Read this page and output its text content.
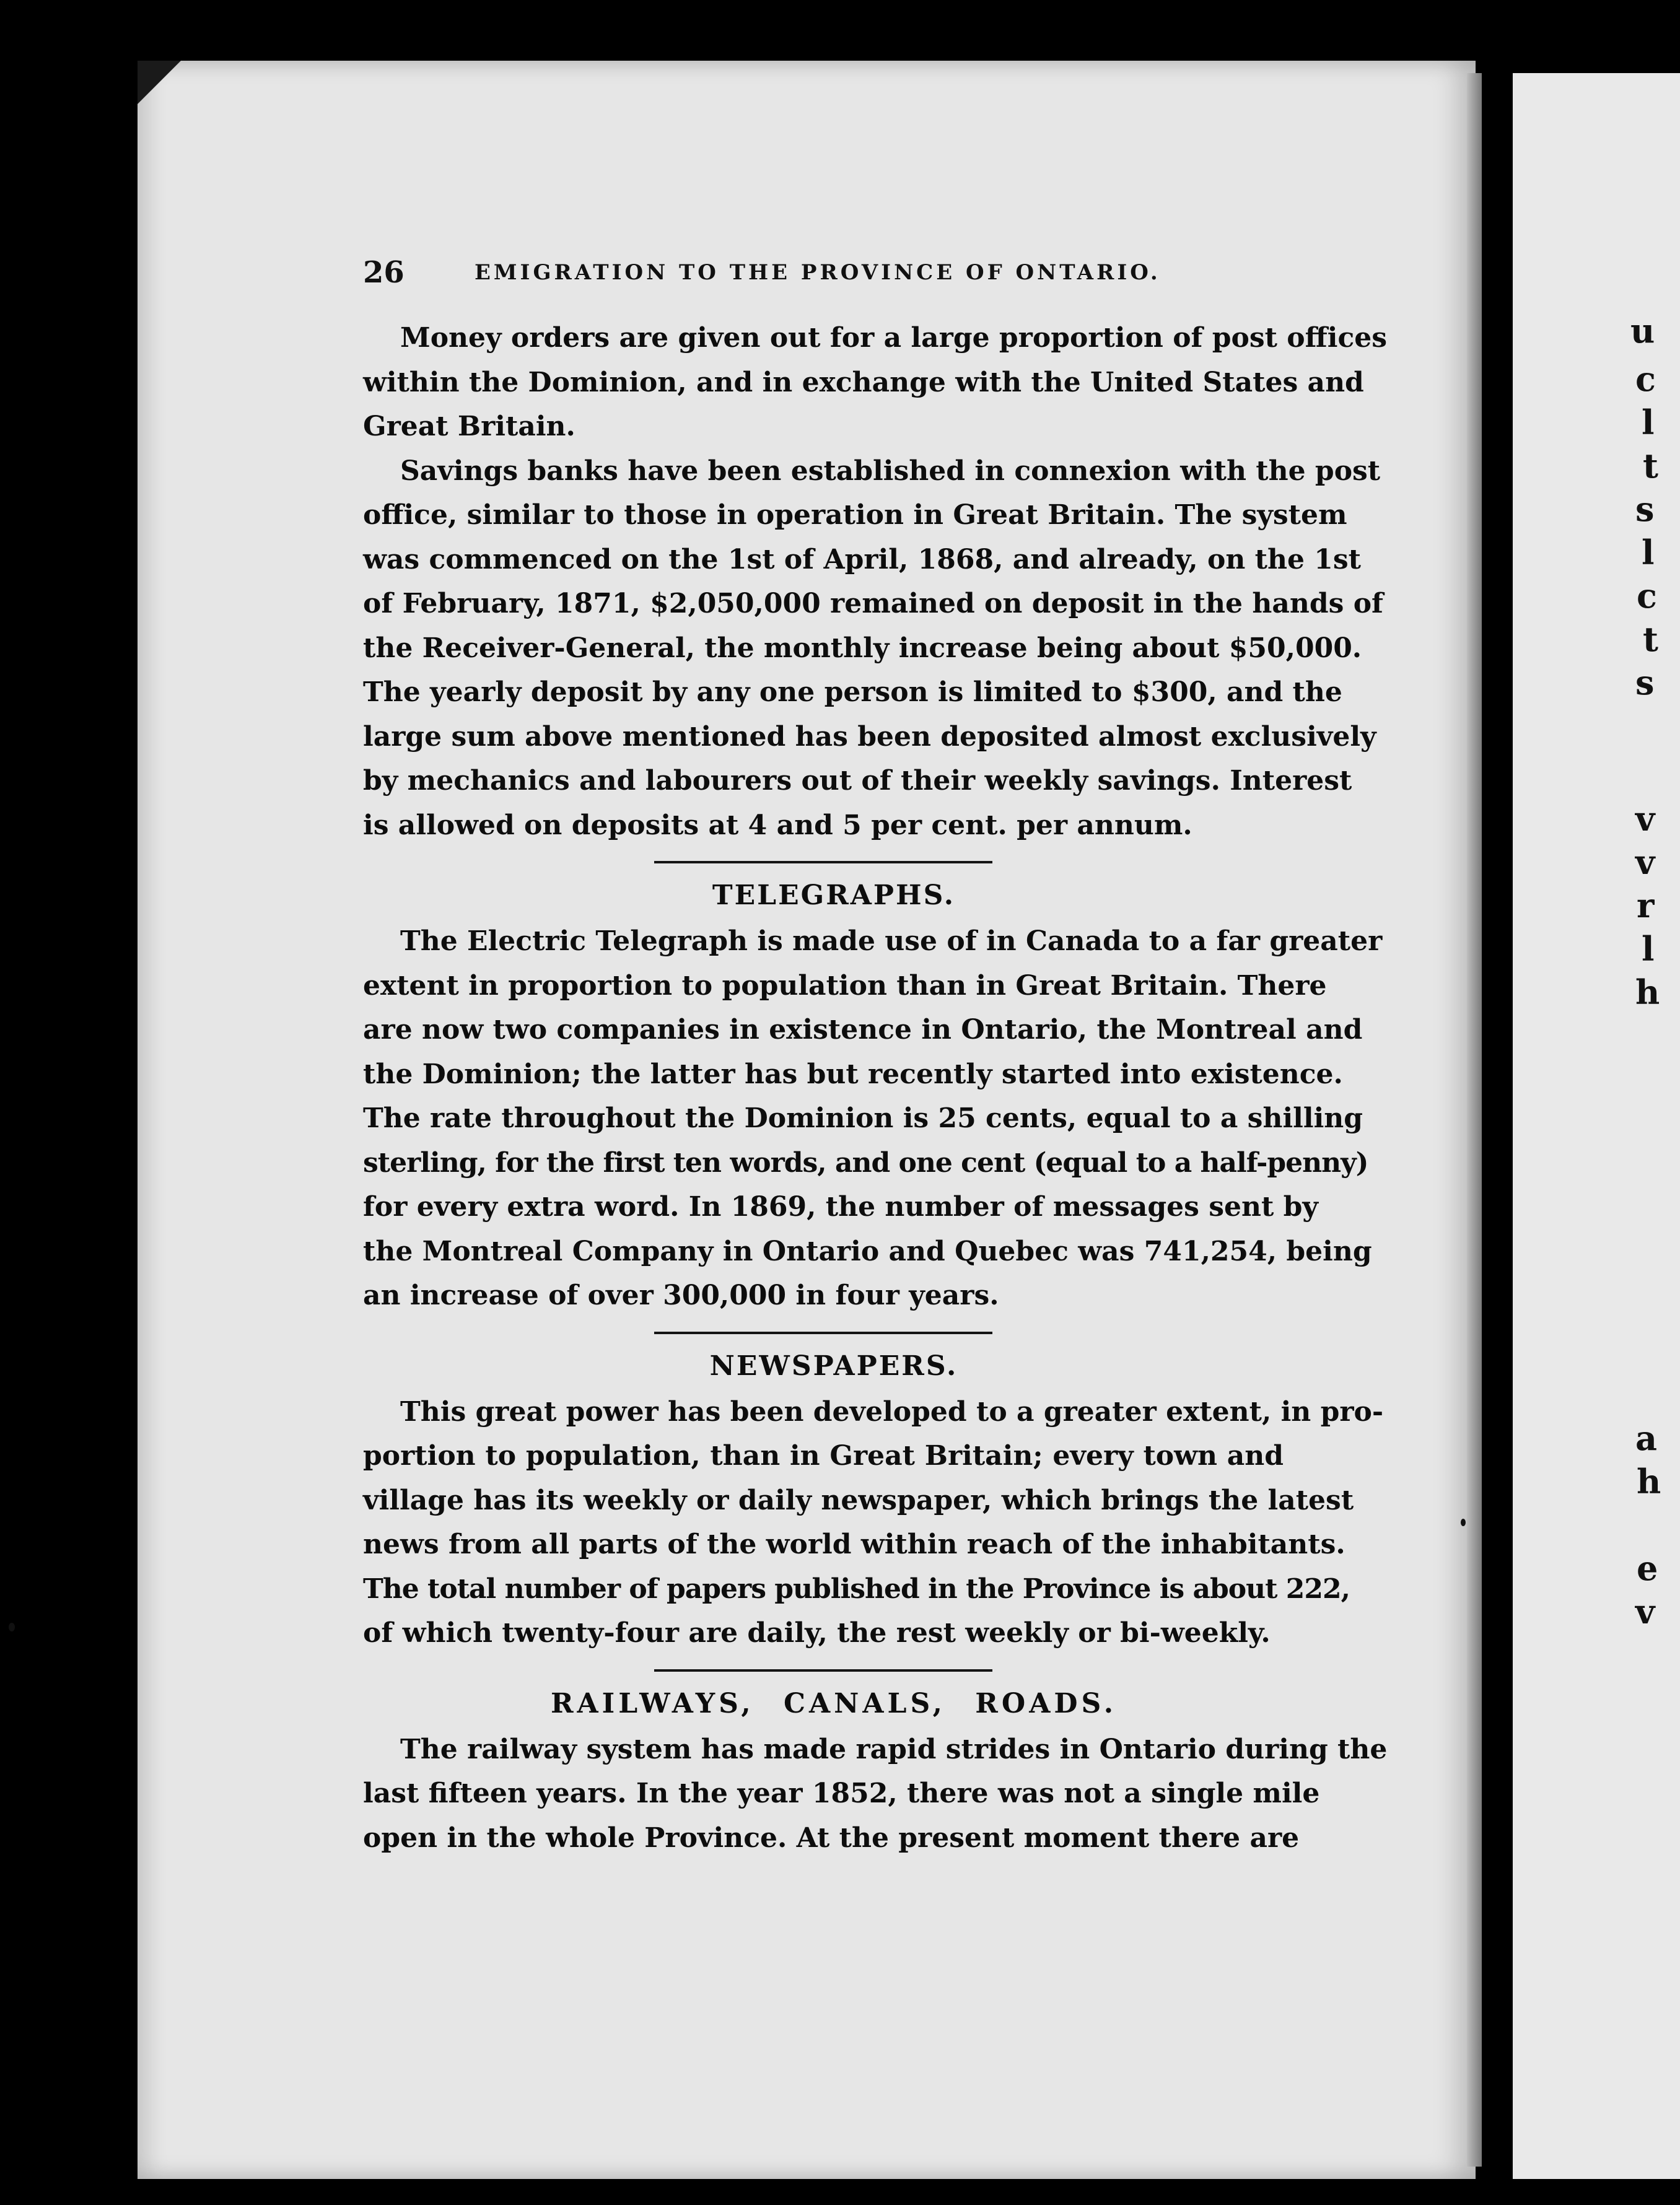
u
c
l
t
s
l
c
t
s
v
v
r
l
h
a
h
e
v
26	EMIGRATION TO THE PROVINCE OF ONTARIO.
Money orders are given out for a large proportion of post offices
within the Dominion, and in exchange with the United States and
Great Britain.
Savings banks have been established in connexion with the post
office, similar to those in operation in Great Britain. The system
was commenced on the 1st of April, 1868, and already, on the 1st
of February, 1871, $2,050,000 remained on deposit in the hands of
the Receiver-General, the monthly increase being about $50,000.
The yearly deposit by any one person is limited to $300, and the
large sum above mentioned has been deposited almost exclusively
by mechanics and labourers out of their weekly savings. Interest
is allowed on deposits at 4 and 5 per cent. per annum.
TELEGRAPHS.
The Electric Telegraph is made use of in Canada to a far greater
extent in proportion to population than in Great Britain. There
are now two companies in existence in Ontario, the Montreal and
the Dominion; the latter has but recently started into existence.
The rate throughout the Dominion is 25 cents, equal to a shilling
sterling, for the first ten words, and one cent (equal to a half-penny)
for every extra word. In 1869, the number of messages sent by
the Montreal Company in Ontario and Quebec was 741,254, being
an increase of over 300,000 in four years.
NEWSPAPERS.
This great power has been developed to a greater extent, in pro-
portion to population, than in Great Britain; every town and
village has its weekly or daily newspaper, which brings the latest
news from all parts of the world within reach of the inhabitants.
The total number of papers published in the Province is about 222,
of which twenty-four are daily, the rest weekly or bi-weekly.
RAILWAYS, CANALS, ROADS.
The railway system has made rapid strides in Ontario during the
last fifteen years. In the year 1852, there was not a single mile
open in the whole Province. At the present moment there are
